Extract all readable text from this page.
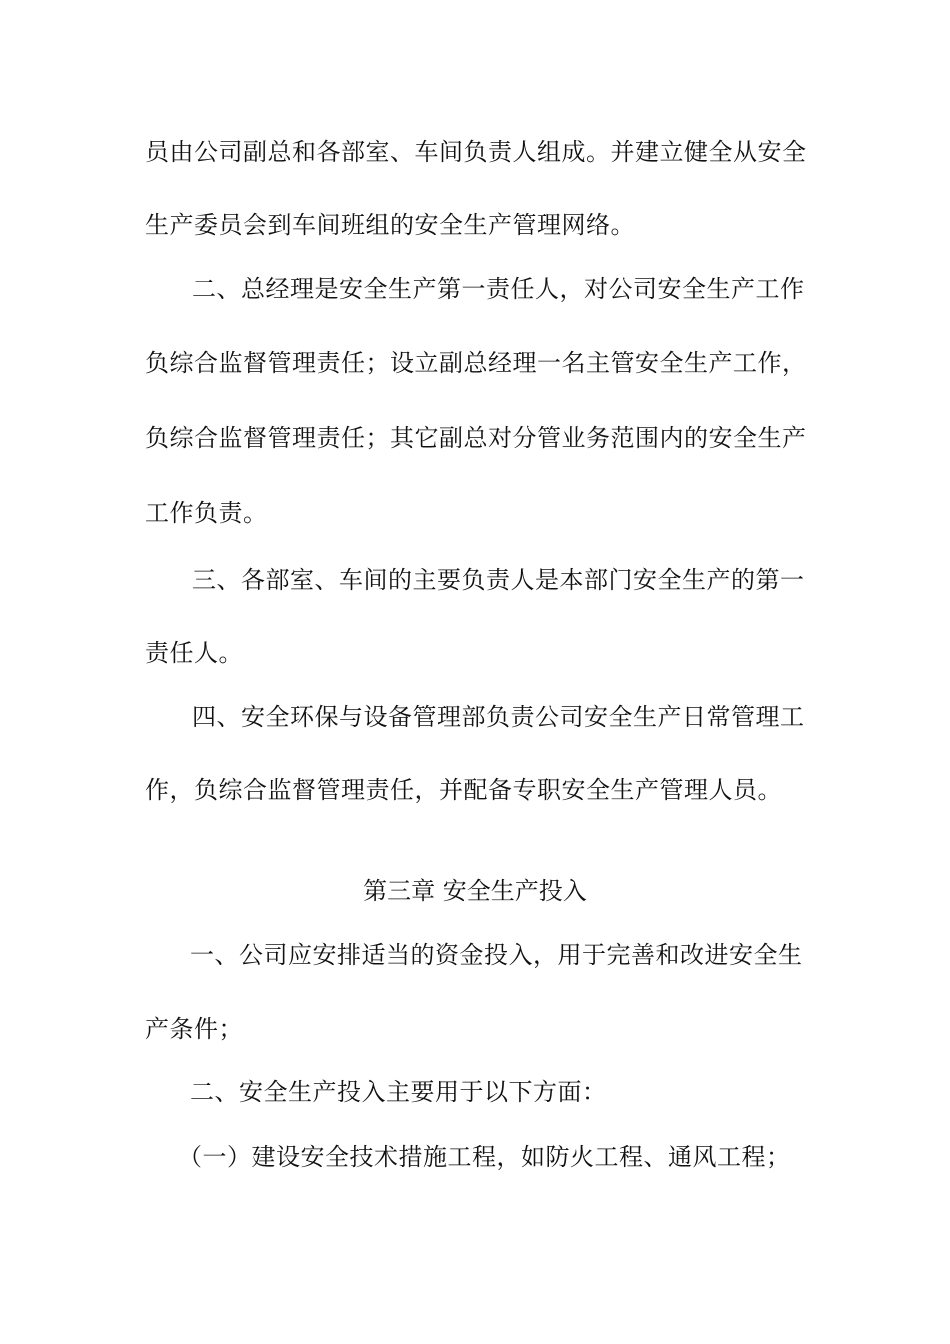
员由公司副总和各部室、车间负责人组成。并建立健全从安全
生产委员会到车间班组的安全生产管理网络。
二、总经理是安全生产第一责任人，对公司安全生产工作
负综合监督管理责任；设立副总经理一名主管安全生产工作，
负综合监督管理责任；其它副总对分管业务范围内的安全生产
工作负责。
三、各部室、车间的主要负责人是本部门安全生产的第一
责任人。
四、安全环保与设备管理部负责公司安全生产日常管理工
作，负综合监督管理责任，并配备专职安全生产管理人员。
第三章 安全生产投入
一、公司应安排适当的资金投入，用于完善和改进安全生
产条件；
二、安全生产投入主要用于以下方面：
（一）建设安全技术措施工程，如防火工程、通风工程；
